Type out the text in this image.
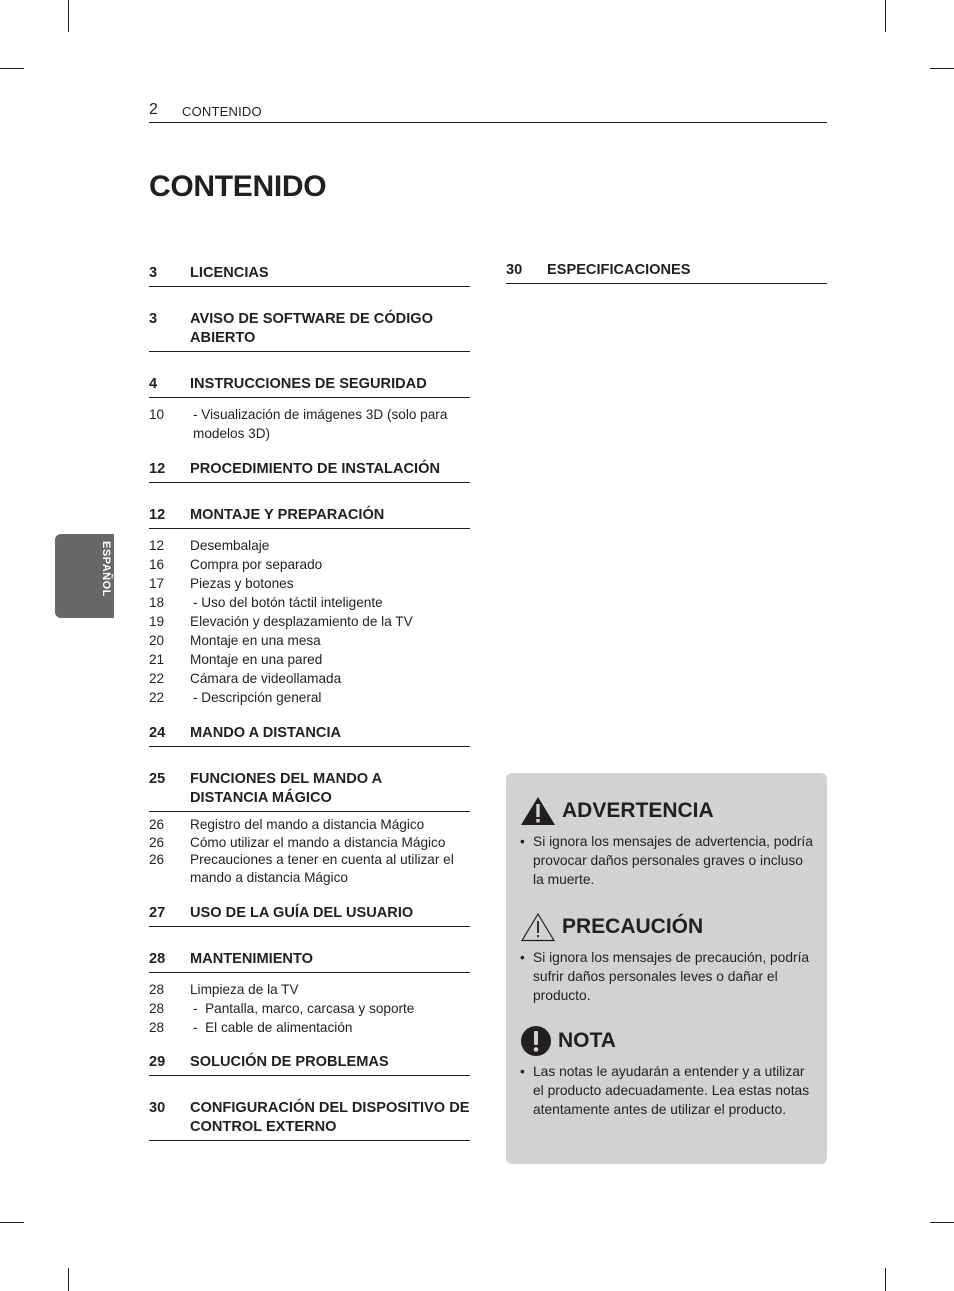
2 CONTENIDO
CONTENIDO
ESPAÑOL
3	LICENCIAS
3	AVISO DE SOFTWARE DE CÓDIGO ABIERTO
4	INSTRUCCIONES DE SEGURIDAD
10	- Visualización de imágenes 3D (solo para modelos 3D)
12	PROCEDIMIENTO DE INSTALACIÓN
12	MONTAJE Y PREPARACIÓN
12	Desembalaje
16	Compra por separado
17	Piezas y botones
18	- Uso del botón táctil inteligente
19	Elevación y desplazamiento de la TV
20	Montaje en una mesa
21	Montaje en una pared
22	Cámara de videollamada
22	- Descripción general
24	MANDO A DISTANCIA
25	FUNCIONES DEL MANDO A DISTANCIA MÁGICO
26	Registro del mando a distancia Mágico
26	Cómo utilizar el mando a distancia Mágico
26	Precauciones a tener en cuenta al utilizar el mando a distancia Mágico
27	USO DE LA GUÍA DEL USUARIO
28	MANTENIMIENTO
28	Limpieza de la TV
28	-  Pantalla, marco, carcasa y soporte
28	-  El cable de alimentación
29	SOLUCIÓN DE PROBLEMAS
30	CONFIGURACIÓN DEL DISPOSITIVO DE CONTROL EXTERNO
30	ESPECIFICACIONES
ADVERTENCIA
• Si ignora los mensajes de advertencia, podría provocar daños personales graves o incluso la muerte.
PRECAUCIÓN
• Si ignora los mensajes de precaución, podría sufrir daños personales leves o dañar el producto.
NOTA
• Las notas le ayudarán a entender y a utilizar el producto adecuadamente. Lea estas notas atentamente antes de utilizar el producto.
